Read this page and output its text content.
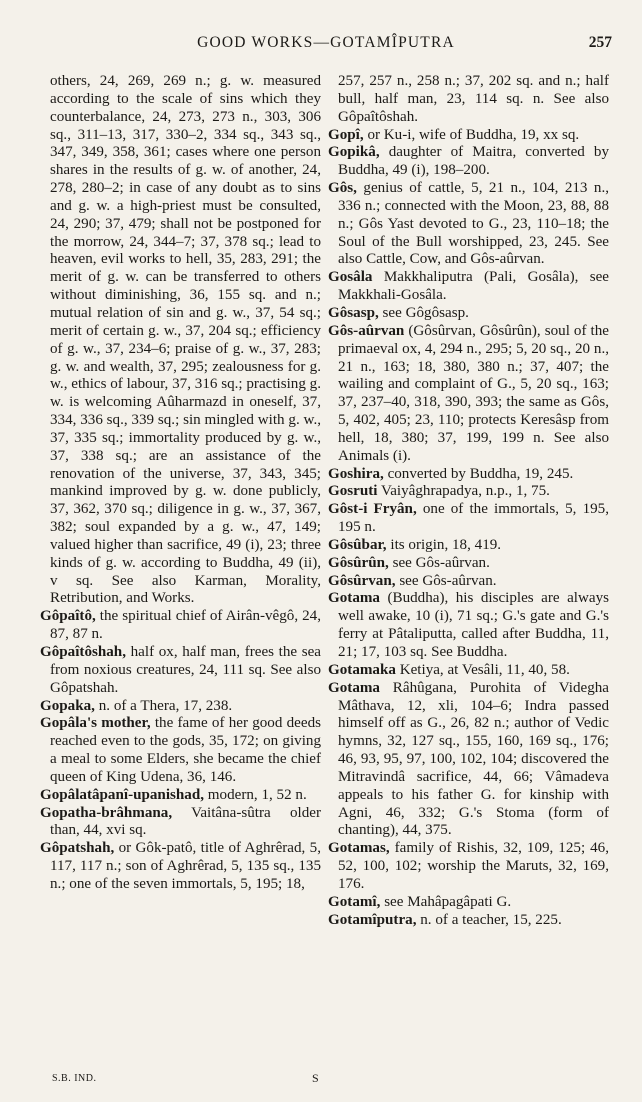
GOOD WORKS—GOTAMÎPUTRA	257

others, 24, 269, 269 n.; g. w. measured according to the scale of sins which they counterbalance, 24, 273, 273 n., 303, 306 sq., 311–13, 317, 330–2, 334 sq., 343 sq., 347, 349, 358, 361; cases where one person shares in the results of g. w. of another, 24, 278, 280–2; in case of any doubt as to sins and g. w. a high-priest must be consulted, 24, 290; 37, 479; shall not be postponed for the morrow, 24, 344–7; 37, 378 sq.; lead to heaven, evil works to hell, 35, 283, 291; the merit of g. w. can be transferred to others without diminishing, 36, 155 sq. and n.; mutual relation of sin and g. w., 37, 54 sq.; merit of certain g. w., 37, 204 sq.; efficiency of g. w., 37, 234–6; praise of g. w., 37, 283; g. w. and wealth, 37, 295; zealousness for g. w., ethics of labour, 37, 316 sq.; practising g. w. is welcoming Aûharmazd in oneself, 37, 334, 336 sq., 339 sq.; sin mingled with g. w., 37, 335 sq.; immortality produced by g. w., 37, 338 sq.; are an assistance of the renovation of the universe, 37, 343, 345; mankind improved by g. w. done publicly, 37, 362, 370 sq.; diligence in g. w., 37, 367, 382; soul expanded by a g. w., 47, 149; valued higher than sacrifice, 49 (i), 23; three kinds of g. w. according to Buddha, 49 (ii), v sq. See also Karman, Morality, Retribution, and Works.

Gôpaîtô, the spiritual chief of Airân-vêgô, 24, 87, 87 n.

Gôpaîtôshah, half ox, half man, frees the sea from noxious creatures, 24, 111 sq. See also Gôpatshah.

Gopaka, n. of a Thera, 17, 238.

Gopâla's mother, the fame of her good deeds reached even to the gods, 35, 172; on giving a meal to some Elders, she became the chief queen of King Udena, 36, 146.

Gopâlatâpanî-upanishad, modern, 1, 52 n.

Gopatha-brâhmana, Vaitâna-sûtra older than, 44, xvi sq.

Gôpatshah, or Gôk-patô, title of Aghrêrad, 5, 117, 117 n.; son of Aghrêrad, 5, 135 sq., 135 n.; one of the seven immortals, 5, 195; 18,

257, 257 n., 258 n.; 37, 202 sq. and n.; half bull, half man, 23, 114 sq. n. See also Gôpaîtôshah.

Gopî, or Ku-i, wife of Buddha, 19, xx sq.

Gopikâ, daughter of Maitra, converted by Buddha, 49 (i), 198–200.

Gôs, genius of cattle, 5, 21 n., 104, 213 n., 336 n.; connected with the Moon, 23, 88, 88 n.; Gôs Yast devoted to G., 23, 110–18; the Soul of the Bull worshipped, 23, 245. See also Cattle, Cow, and Gôs-aûrvan.

Gosâla Makkhaliputra (Pali, Gosâla), see Makkhali-Gosâla.

Gôsasp, see Gôgôsasp.

Gôs-aûrvan (Gôsûrvan, Gôsûrûn), soul of the primaeval ox, 4, 294 n., 295; 5, 20 sq., 20 n., 21 n., 163; 18, 380, 380 n.; 37, 407; the wailing and complaint of G., 5, 20 sq., 163; 37, 237–40, 318, 390, 393; the same as Gôs, 5, 402, 405; 23, 110; protects Keresâsp from hell, 18, 380; 37, 199, 199 n. See also Animals (i).

Goshira, converted by Buddha, 19, 245.

Gosruti Vaiyâghrapadya, n.p., 1, 75.

Gôst-i Fryân, one of the immortals, 5, 195, 195 n.

Gôsûbar, its origin, 18, 419.

Gôsûrûn, see Gôs-aûrvan.

Gôsûrvan, see Gôs-aûrvan.

Gotama (Buddha), his disciples are always well awake, 10 (i), 71 sq.; G.'s gate and G.'s ferry at Pâtaliputta, called after Buddha, 11, 21; 17, 103 sq. See Buddha.

Gotamaka Ketiya, at Vesâli, 11, 40, 58.

Gotama Râhûgana, Purohita of Videgha Mâthava, 12, xli, 104–6; Indra passed himself off as G., 26, 82 n.; author of Vedic hymns, 32, 127 sq., 155, 160, 169 sq., 176; 46, 93, 95, 97, 100, 102, 104; discovered the Mitravindâ sacrifice, 44, 66; Vâmadeva appeals to his father G. for kinship with Agni, 46, 332; G.'s Stoma (form of chanting), 44, 375.

Gotamas, family of Rishis, 32, 109, 125; 46, 52, 100, 102; worship the Maruts, 32, 169, 176.

Gotamî, see Mahâpagâpati G.

Gotamîputra, n. of a teacher, 15, 225.

S.B. IND.	S
